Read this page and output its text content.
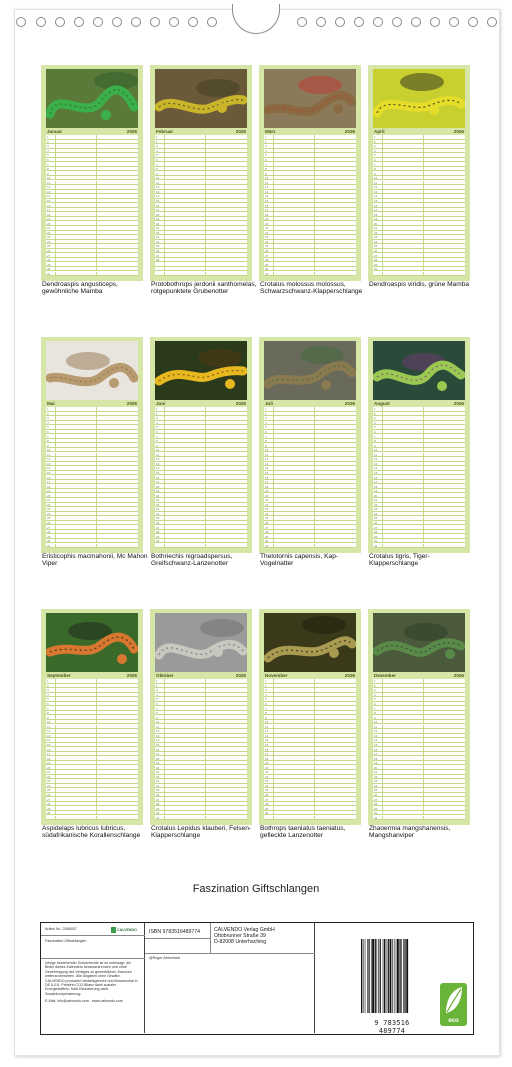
Januar	2026
1
2
3
4
5
6
7
8
9
10
11
12
13
14
15
16
17
18
19
20
21
22
23
24
25
26
27
28
29
30
31
Dendroaspis angusticeps, gewöhnliche Mamba
Februar	2026
1
2
3
4
5
6
7
8
9
10
11
12
13
14
15
16
17
18
19
20
21
22
23
24
25
26
27
28
Protobothrops jerdonii xanthomelas, rotgepunktete Grubenotter
März	2026
1
2
3
4
5
6
7
8
9
10
11
12
13
14
15
16
17
18
19
20
21
22
23
24
25
26
27
28
29
30
31
Crotalus molossus molossus, Schwarzschwanz-Klapperschlange
April	2026
1
2
3
4
5
6
7
8
9
10
11
12
13
14
15
16
17
18
19
20
21
22
23
24
25
26
27
28
29
30
Dendroaspis viridis, grüne Mamba
Mai	2026
1
2
3
4
5
6
7
8
9
10
11
12
13
14
15
16
17
18
19
20
21
22
23
24
25
26
27
28
29
30
31
Eristicophis macmahonii, Mc Mahon Viper
Juni	2026
1
2
3
4
5
6
7
8
9
10
11
12
13
14
15
16
17
18
19
20
21
22
23
24
25
26
27
28
29
30
Bothriechis nigroadspersus, Greifschwanz-Lanzenotter
Juli	2026
1
2
3
4
5
6
7
8
9
10
11
12
13
14
15
16
17
18
19
20
21
22
23
24
25
26
27
28
29
30
31
Thelotornis capensis, Kap-Vogelnatter
August	2026
1
2
3
4
5
6
7
8
9
10
11
12
13
14
15
16
17
18
19
20
21
22
23
24
25
26
27
28
29
30
31
Crotalus tigris, Tiger-Klapperschlange
September	2026
1
2
3
4
5
6
7
8
9
10
11
12
13
14
15
16
17
18
19
20
21
22
23
24
25
26
27
28
29
30
Aspidelaps lubricus lubricus, südafrikanische Korallenschlange
Oktober	2026
1
2
3
4
5
6
7
8
9
10
11
12
13
14
15
16
17
18
19
20
21
22
23
24
25
26
27
28
29
30
31
Crotalus Lepidus klauberi, Felsen- Klapperschlange
November	2026
1
2
3
4
5
6
7
8
9
10
11
12
13
14
15
16
17
18
19
20
21
22
23
24
25
26
27
28
29
30
Bothrops taeniatus taeniatus, gefleckte Lanzenotter
Dezember	2026
1
2
3
4
5
6
7
8
9
10
11
12
13
14
15
16
17
18
19
20
21
22
23
24
25
26
27
28
29
30
31
Zhaoermia mangshanensis, Mangshanviper
Faszination Giftschlangen
Artikel Nr.: 2084557	CALVENDO
Faszination Giftschlangen
Infolge bestehender Schutzrechte ist es untersagt, die Bilder dieses Kalenders herauszutrennen und ohne Genehmigung des Verlages zu gewerblichen Zwecken weiterzuverwerten. Alle Angaben ohne Gewähr. CALVENDO produziert bedarfsgerecht und klimaneutral in DE & EU. Preisfrei CO2-Bilanz dank sozialer Energiestaffeln. Kalk-Reduzierung dank Zusatzkompensierung.
E-Mail: info@calvendo.com · www.calvendo.com
ISBN 9783516489774	CALVENDO Verlag GmbH
Ottobrunner Straße 39
D-82008 Unterhaching
@Roger Aeberhard
9 783516 489774
eco
